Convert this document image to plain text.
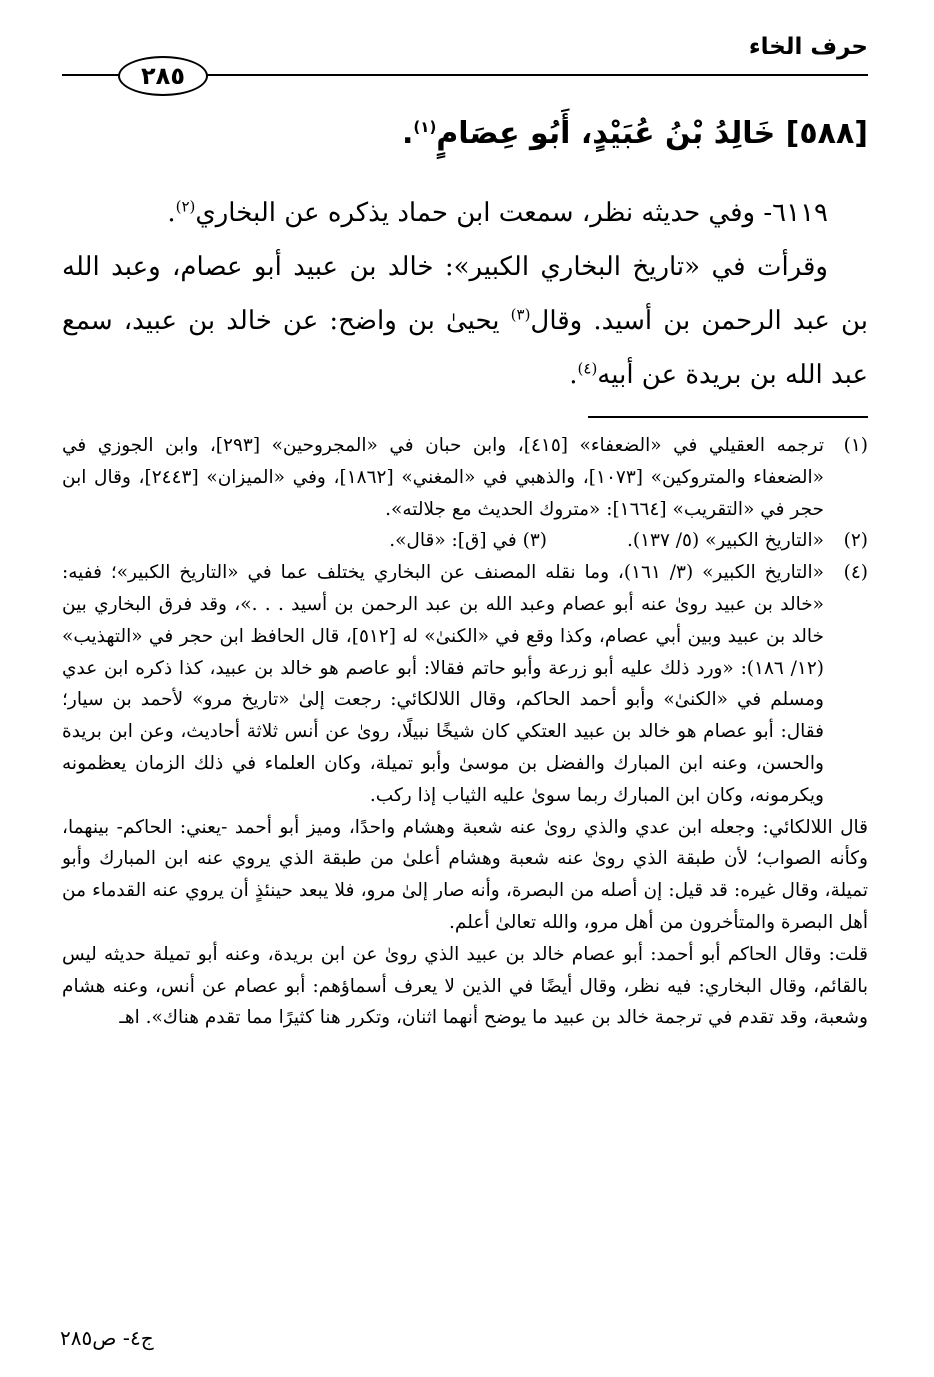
حرف الخاء
٢٨٥
[٥٨٨] خَالِدُ بْنُ عُبَيْدٍ، أَبُو عِصَامٍ$^{(١)}$.

٦١١٩- وفي حديثه نظر، سمعت ابن حماد يذكره عن البخاري$^{(٢)}$.

وقرأت في «تاريخ البخاري الكبير»: خالد بن عبيد أبو عصام، وعبد الله بن عبد الرحمن بن أسيد. وقال$^{(٣)}$ يحيىٰ بن واضح: عن خالد بن عبيد، سمع عبد الله بن بريدة عن أبيه$^{(٤)}$.

(١)
ترجمه العقيلي في «الضعفاء» [٤١٥]، وابن حبان في «المجروحين» [٢٩٣]، وابن الجوزي في «الضعفاء والمتروكين» [١٠٧٣]، والذهبي في «المغني» [١٨٦٢]، وفي «الميزان» [٢٤٤٣]، وقال ابن حجر في «التقريب» [١٦٦٤]: «متروك الحديث مع جلالته».
(٢)
«التاريخ الكبير» (٥/ ١٣٧).
(٣) في [ق]: «قال».
(٤)

«التاريخ الكبير» (٣/ ١٦١)، وما نقله المصنف عن البخاري يختلف عما في «التاريخ الكبير»؛ ففيه: «خالد بن عبيد روىٰ عنه أبو عصام وعبد الله بن عبد الرحمن بن أسيد . . .»، وقد فرق البخاري بين خالد بن عبيد وبين أبي عصام، وكذا وقع في «الكنىٰ» له [٥١٢]، قال الحافظ ابن حجر في «التهذيب» (١٢/ ١٨٦): «ورد ذلك عليه أبو زرعة وأبو حاتم فقالا: أبو عاصم هو خالد بن عبيد، كذا ذكره ابن عدي ومسلم في «الكنىٰ» وأبو أحمد الحاكم، وقال اللالكائي: رجعت إلىٰ «تاريخ مرو» لأحمد بن سيار؛ فقال: أبو عصام هو خالد بن عبيد العتكي كان شيخًا نبيلًا، روىٰ عن أنس ثلاثة أحاديث، وعن ابن بريدة والحسن، وعنه ابن المبارك والفضل بن موسىٰ وأبو تميلة، وكان العلماء في ذلك الزمان يعظمونه ويكرمونه، وكان ابن المبارك ربما سوىٰ عليه الثياب إذا ركب.

قال اللالكائي: وجعله ابن عدي والذي روىٰ عنه شعبة وهشام واحدًا، وميز أبو أحمد -يعني: الحاكم- بينهما، وكأنه الصواب؛ لأن طبقة الذي روىٰ عنه شعبة وهشام أعلىٰ من طبقة الذي يروي عنه ابن المبارك وأبو تميلة، وقال غيره: قد قيل: إن أصله من البصرة، وأنه صار إلىٰ مرو، فلا يبعد حينئذٍ أن يروي عنه القدماء من أهل البصرة والمتأخرون من أهل مرو، والله تعالىٰ أعلم.

قلت: وقال الحاكم أبو أحمد: أبو عصام خالد بن عبيد الذي روىٰ عن ابن بريدة، وعنه أبو تميلة حديثه ليس بالقائم، وقال البخاري: فيه نظر، وقال أيضًا في الذين لا يعرف أسماؤهم: أبو عصام عن أنس، وعنه هشام وشعبة، وقد تقدم في ترجمة خالد بن عبيد ما يوضح أنهما اثنان، وتكرر هنا كثيرًا مما تقدم هناك». اهـ

ج٤- ص٢٨٥
